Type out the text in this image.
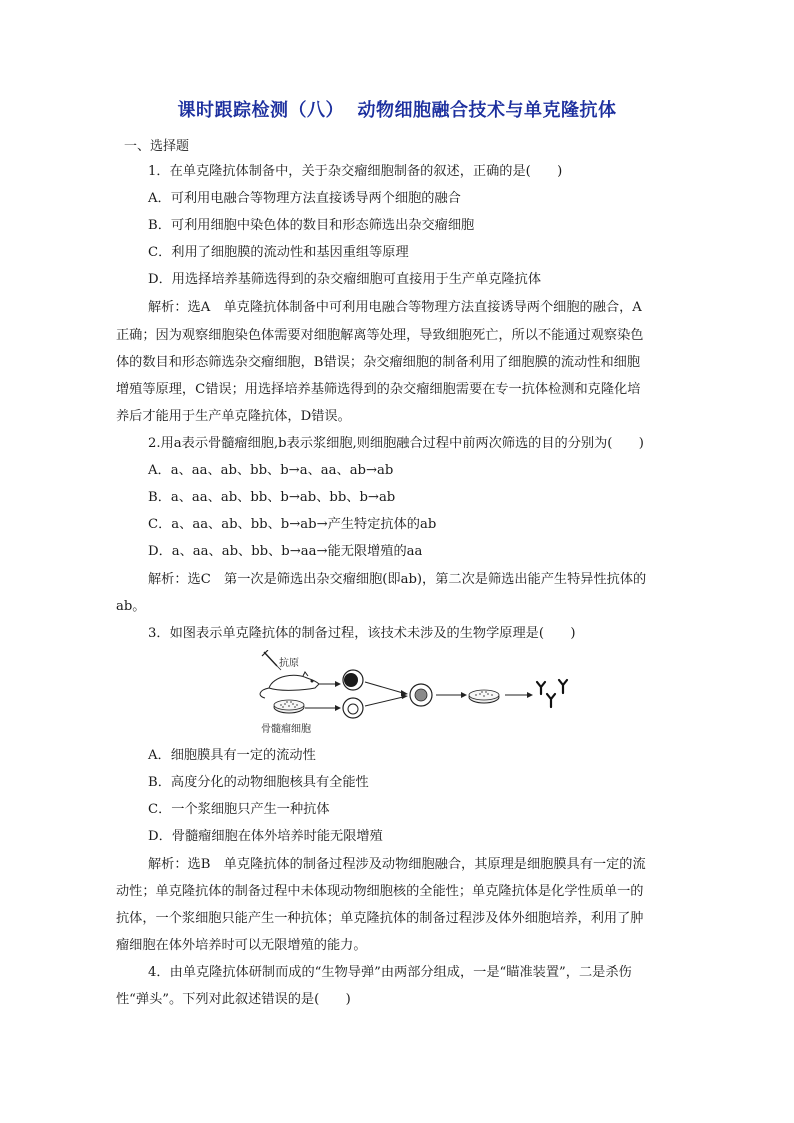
课时跟踪检测（八）  动物细胞融合技术与单克隆抗体
一、选择题
1．在单克隆抗体制备中，关于杂交瘤细胞制备的叙述，正确的是(　　)
A．可利用电融合等物理方法直接诱导两个细胞的融合
B．可利用细胞中染色体的数目和形态筛选出杂交瘤细胞
C．利用了细胞膜的流动性和基因重组等原理
D．用选择培养基筛选得到的杂交瘤细胞可直接用于生产单克隆抗体
解析：选A　单克隆抗体制备中可利用电融合等物理方法直接诱导两个细胞的融合，A
正确；因为观察细胞染色体需要对细胞解离等处理，导致细胞死亡，所以不能通过观察染色
体的数目和形态筛选杂交瘤细胞，B错误；杂交瘤细胞的制备利用了细胞膜的流动性和细胞
增殖等原理，C错误；用选择培养基筛选得到的杂交瘤细胞需要在专一抗体检测和克隆化培
养后才能用于生产单克隆抗体，D错误。
2.用a表示骨髓瘤细胞,b表示浆细胞,则细胞融合过程中前两次筛选的目的分别为(　　)
A．a、aa、ab、bb、b→a、aa、ab→ab
B．a、aa、ab、bb、b→ab、bb、b→ab
C．a、aa、ab、bb、b→ab→产生特定抗体的ab
D．a、aa、ab、bb、b→aa→能无限增殖的aa
解析：选C　第一次是筛选出杂交瘤细胞(即ab)，第二次是筛选出能产生特异性抗体的
ab。
3．如图表示单克隆抗体的制备过程，该技术未涉及的生物学原理是(　　)
抗原
骨髓瘤细胞
A．细胞膜具有一定的流动性
B．高度分化的动物细胞核具有全能性
C．一个浆细胞只产生一种抗体
D．骨髓瘤细胞在体外培养时能无限增殖
解析：选B　单克隆抗体的制备过程涉及动物细胞融合，其原理是细胞膜具有一定的流
动性；单克隆抗体的制备过程中未体现动物细胞核的全能性；单克隆抗体是化学性质单一的
抗体，一个浆细胞只能产生一种抗体；单克隆抗体的制备过程涉及体外细胞培养，利用了肿
瘤细胞在体外培养时可以无限增殖的能力。
4．由单克隆抗体研制而成的“生物导弹”由两部分组成，一是“瞄准装置”，二是杀伤
性“弹头”。下列对此叙述错误的是(　　)
